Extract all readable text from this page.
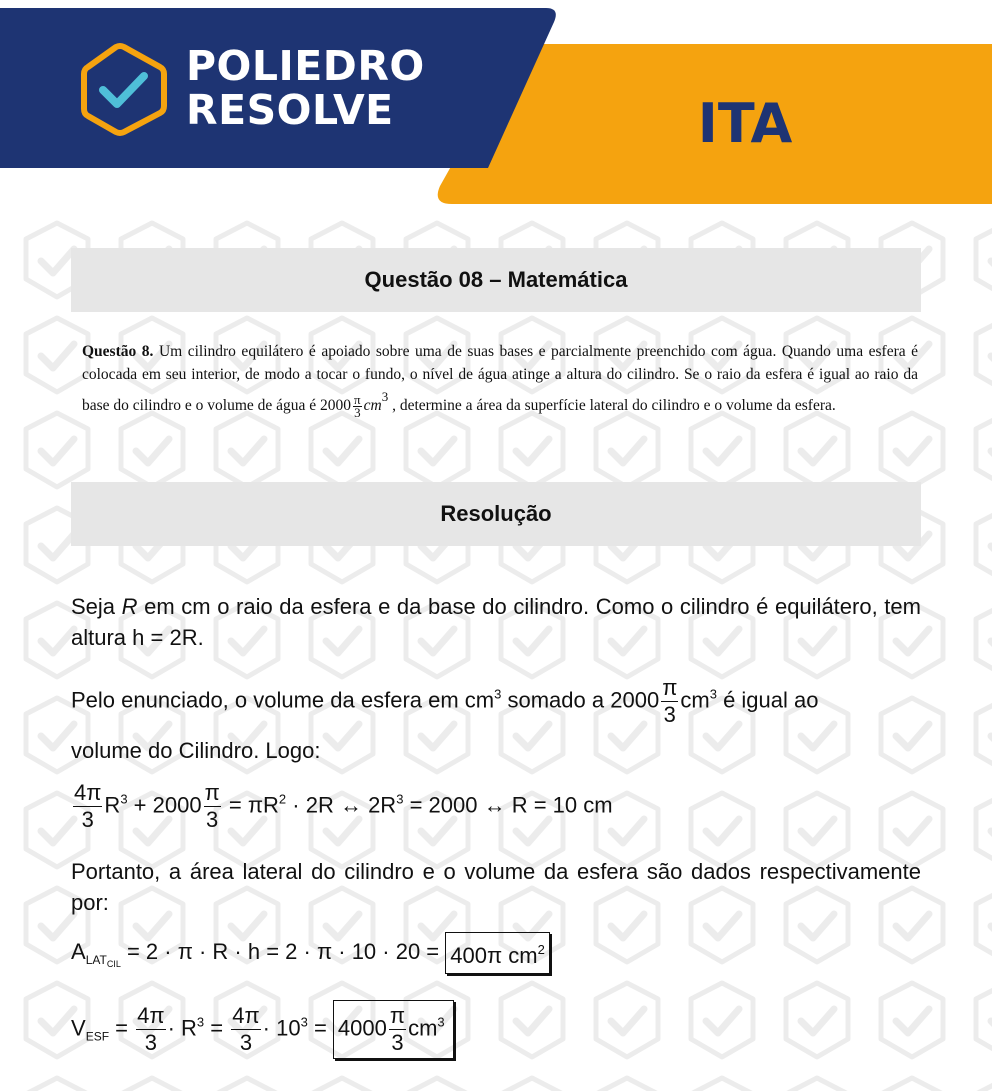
POLIEDRO
RESOLVE	ITA
Questão 08 – Matemática
Questão 8. Um cilindro equilátero é apoiado sobre uma de suas bases e parcialmente preenchido com água. Quando uma esfera é colocada em seu interior, de modo a tocar o fundo, o nível de água atinge a altura do cilindro. Se o raio da esfera é igual ao raio da base do cilindro e o volume de água é $2000 \frac{\pi}{3} cm^3$ , determine a área da superfície lateral do cilindro e o volume da esfera.
Resolução
Seja R em cm o raio da esfera e da base do cilindro. Como o cilindro é equilátero, tem altura h = 2R.
Pelo enunciado, o volume da esfera em $cm^3$ somado a $2000 \frac{\pi}{3} cm^3$ é igual ao
volume do Cilindro. Logo:
$\frac{4\pi}{3} R^3 + 2000 \frac{\pi}{3} = \pi R^2 \cdot 2R$ ↔ $2R^3 = 2000$ ↔ R = 10 cm
Portanto, a área lateral do cilindro e o volume da esfera são dados respectivamente por:
$A_{LAT_{CIL}} = 2 \cdot \pi \cdot R \cdot h = 2 \cdot \pi \cdot 10 \cdot 20 = 400\pi$ $cm^2$
$V_{ESF} = \frac{4\pi}{3} \cdot R^3 = \frac{4\pi}{3} \cdot 10^3 = 4000 \frac{\pi}{3} cm^3$
